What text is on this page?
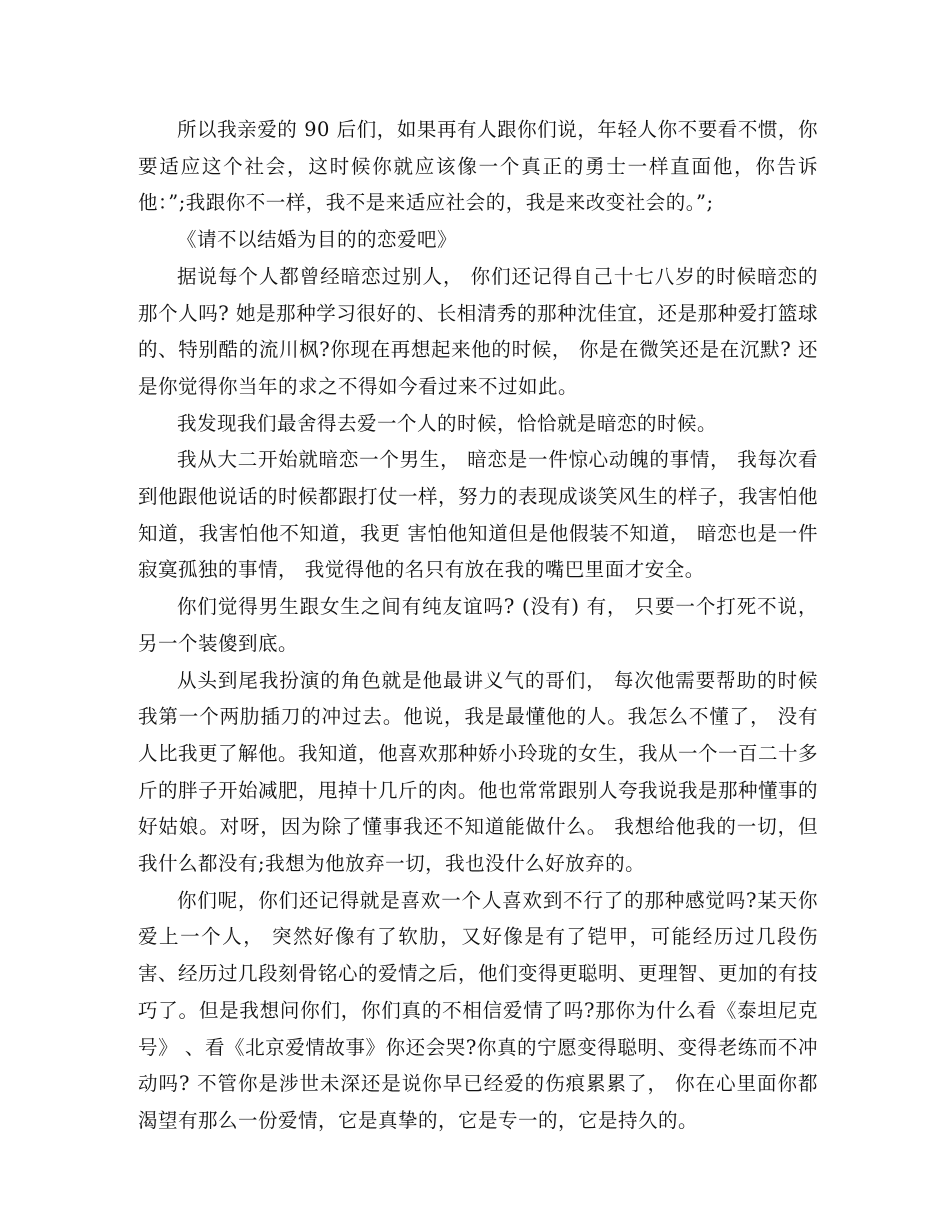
所以我亲爱的 90 后们，如果再有人跟你们说，年轻人你不要看不惯，你要适应这个社会，这时候你就应该像一个真正的勇士一样直面他，你告诉他：”;我跟你不一样，我不是来适应社会的，我是来改变社会的。”;

《请不以结婚为目的的恋爱吧》

据说每个人都曾经暗恋过别人， 你们还记得自己十七八岁的时候暗恋的那个人吗? 她是那种学习很好的、长相清秀的那种沈佳宜，还是那种爱打篮球的、特别酷的流川枫?你现在再想起来他的时候， 你是在微笑还是在沉默? 还是你觉得你当年的求之不得如今看过来不过如此。

我发现我们最舍得去爱一个人的时候，恰恰就是暗恋的时候。

我从大二开始就暗恋一个男生， 暗恋是一件惊心动魄的事情， 我每次看到他跟他说话的时候都跟打仗一样，努力的表现成谈笑风生的样子，我害怕他知道，我害怕他不知道，我更 害怕他知道但是他假装不知道， 暗恋也是一件寂寞孤独的事情， 我觉得他的名只有放在我的嘴巴里面才安全。

你们觉得男生跟女生之间有纯友谊吗? (没有) 有， 只要一个打死不说， 另一个装傻到底。

从头到尾我扮演的角色就是他最讲义气的哥们， 每次他需要帮助的时候我第一个两肋插刀的冲过去。他说，我是最懂他的人。我怎么不懂了， 没有人比我更了解他。我知道，他喜欢那种娇小玲珑的女生，我从一个一百二十多斤的胖子开始减肥，甩掉十几斤的肉。他也常常跟别人夸我说我是那种懂事的好姑娘。对呀，因为除了懂事我还不知道能做什么。 我想给他我的一切，但我什么都没有;我想为他放弃一切，我也没什么好放弃的。

你们呢，你们还记得就是喜欢一个人喜欢到不行了的那种感觉吗?某天你爱上一个人， 突然好像有了软肋，又好像是有了铠甲，可能经历过几段伤害、经历过几段刻骨铭心的爱情之后，他们变得更聪明、更理智、更加的有技巧了。但是我想问你们，你们真的不相信爱情了吗?那你为什么看《泰坦尼克号》 、看《北京爱情故事》你还会哭?你真的宁愿变得聪明、变得老练而不冲动吗? 不管你是涉世未深还是说你早已经爱的伤痕累累了， 你在心里面你都渴望有那么一份爱情，它是真挚的，它是专一的，它是持久的。
